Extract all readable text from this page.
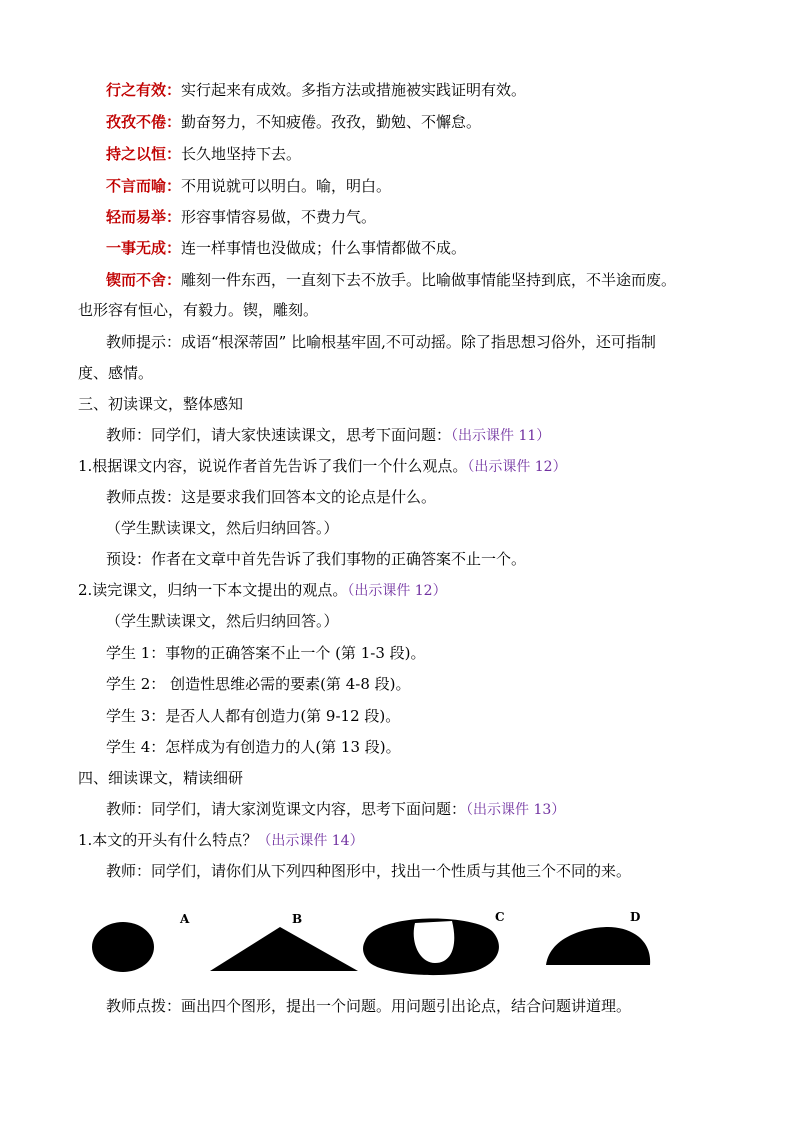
行之有效：实行起来有成效。多指方法或措施被实践证明有效。
孜孜不倦：勤奋努力，不知疲倦。孜孜，勤勉、不懈怠。
持之以恒：长久地坚持下去。
不言而喻：不用说就可以明白。喻，明白。
轻而易举：形容事情容易做，不费力气。
一事无成：连一样事情也没做成；什么事情都做不成。
锲而不舍：雕刻一件东西，一直刻下去不放手。比喻做事情能坚持到底，不半途而废。
也形容有恒心，有毅力。锲，雕刻。
教师提示：成语“根深蒂固” 比喻根基牢固,不可动摇。除了指思想习俗外，还可指制
度、感情。
三、初读课文，整体感知
教师：同学们，请大家快速读课文，思考下面问题：（出示课件 11）
1.根据课文内容，说说作者首先告诉了我们一个什么观点。（出示课件 12）
教师点拨：这是要求我们回答本文的论点是什么。
（学生默读课文，然后归纳回答。）
预设：作者在文章中首先告诉了我们事物的正确答案不止一个。
2.读完课文，归纳一下本文提出的观点。（出示课件 12）
（学生默读课文，然后归纳回答。）
学生 1：事物的正确答案不止一个 (第 1-3 段)。
学生 2： 创造性思维必需的要素(第 4-8 段)。
学生 3：是否人人都有创造力(第 9-12 段)。
学生 4：怎样成为有创造力的人(第 13 段)。
四、细读课文，精读细研
教师：同学们，请大家浏览课文内容，思考下面问题：（出示课件 13）
1.本文的开头有什么特点？（出示课件 14）
教师：同学们，请你们从下列四种图形中，找出一个性质与其他三个不同的来。
A	B	C	D
教师点拨：画出四个图形，提出一个问题。用问题引出论点，结合问题讲道理。
